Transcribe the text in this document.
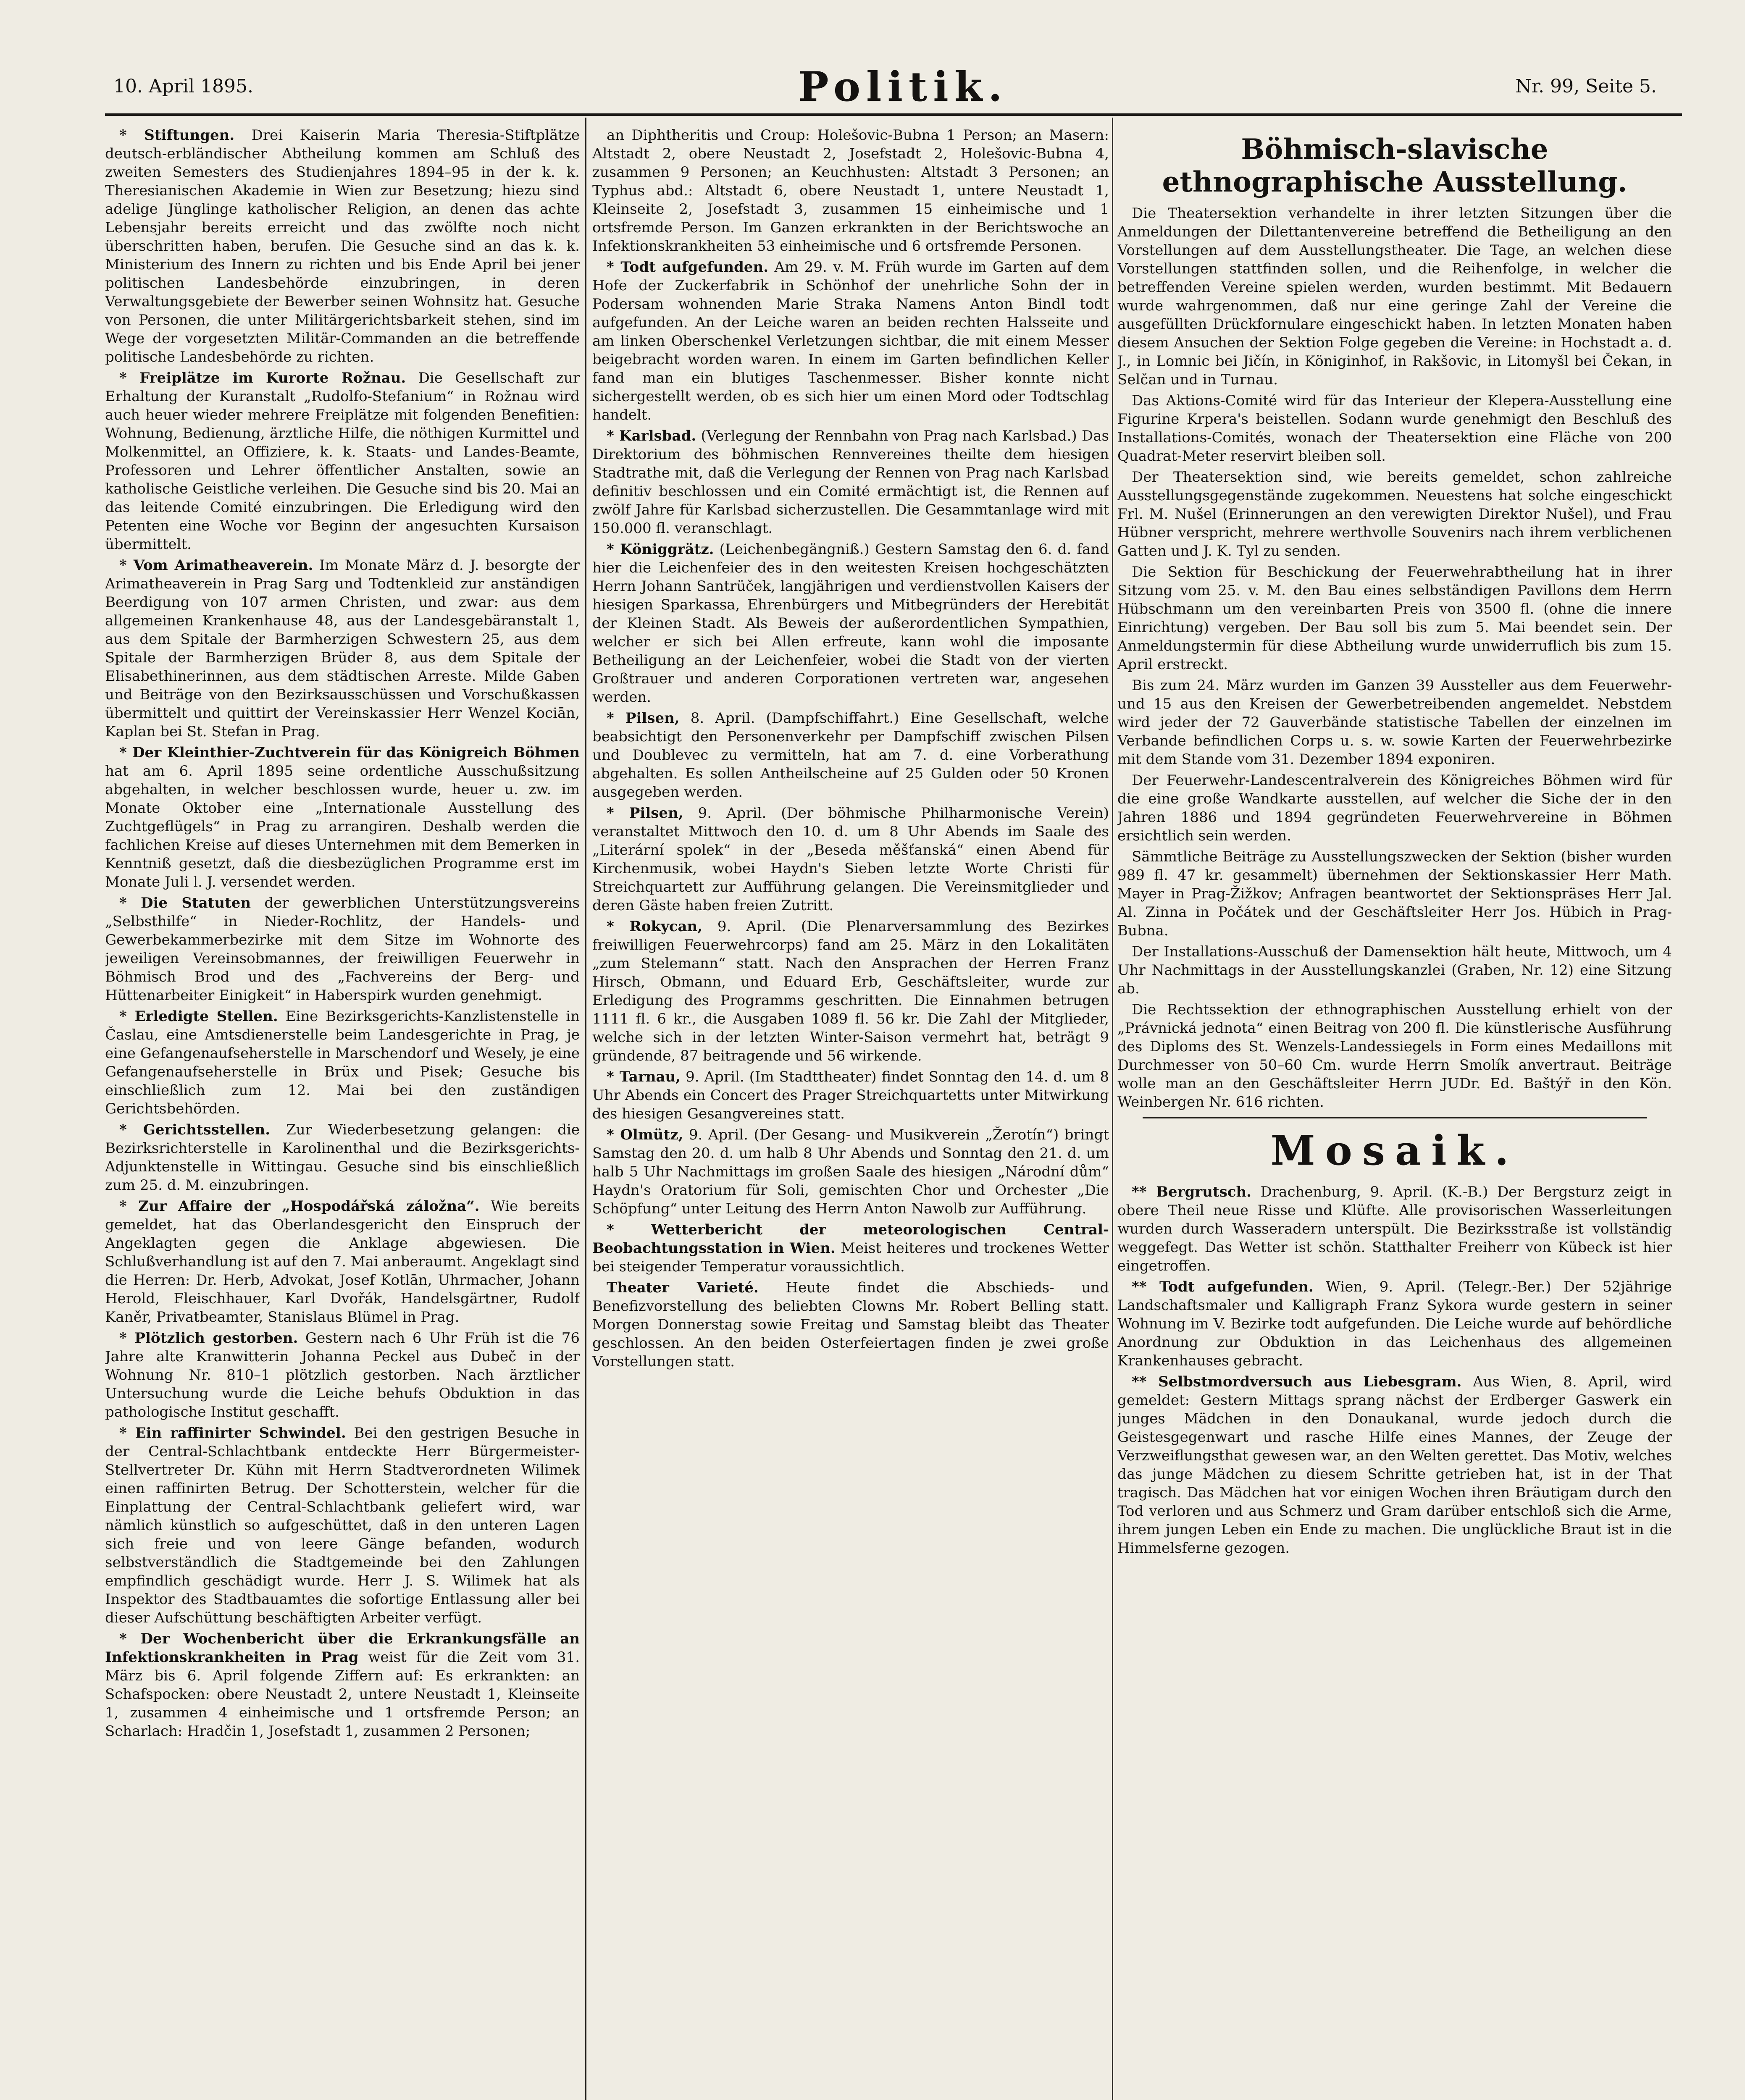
10. April 1895.	Politik.	Nr. 99, Seite 5.

* Stiftungen. Drei Kaiserin Maria Theresia-Stiftplätze deutsch-erbländischer Abtheilung kommen am Schluß des zweiten Semesters des Studienjahres 1894–95 in der k. k. Theresianischen Akademie in Wien zur Besetzung; hiezu sind adelige Jünglinge katholischer Religion, an denen das achte Lebensjahr bereits erreicht und das zwölfte noch nicht überschritten haben, berufen. Die Gesuche sind an das k. k. Ministerium des Innern zu richten und bis Ende April bei jener politischen Landesbehörde einzubringen, in deren Verwaltungsgebiete der Bewerber seinen Wohnsitz hat. Gesuche von Personen, die unter Militärgerichtsbarkeit stehen, sind im Wege der vorgesetzten Militär-Commanden an die betreffende politische Landesbehörde zu richten.

* Freiplätze im Kurorte Rožnau. Die Gesellschaft zur Erhaltung der Kuranstalt „Rudolfo-Stefanium“ in Rožnau wird auch heuer wieder mehrere Freiplätze mit folgenden Benefitien: Wohnung, Bedienung, ärztliche Hilfe, die nöthigen Kurmittel und Molkenmittel, an Offiziere, k. k. Staats- und Landes-Beamte, Professoren und Lehrer öffentlicher Anstalten, sowie an katholische Geistliche verleihen. Die Gesuche sind bis 20. Mai an das leitende Comité einzubringen. Die Erledigung wird den Petenten eine Woche vor Beginn der angesuchten Kursaison übermittelt.

* Vom Arimatheaverein. Im Monate März d. J. besorgte der Arimatheaverein in Prag Sarg und Todtenkleid zur anständigen Beerdigung von 107 armen Christen, und zwar: aus dem allgemeinen Krankenhause 48, aus der Landesgebäranstalt 1, aus dem Spitale der Barmherzigen Schwestern 25, aus dem Spitale der Barmherzigen Brüder 8, aus dem Spitale der Elisabethinerinnen, aus dem städtischen Arreste. Milde Gaben und Beiträge von den Bezirksausschüssen und Vorschußkassen übermittelt und quittirt der Vereinskassier Herr Wenzel Kociān, Kaplan bei St. Stefan in Prag.

* Der Kleinthier-Zuchtverein für das Königreich Böhmen hat am 6. April 1895 seine ordentliche Ausschußsitzung abgehalten, in welcher beschlossen wurde, heuer u. zw. im Monate Oktober eine „Internationale Ausstellung des Zuchtgeflügels“ in Prag zu arrangiren. Deshalb werden die fachlichen Kreise auf dieses Unternehmen mit dem Bemerken in Kenntniß gesetzt, daß die diesbezüglichen Programme erst im Monate Juli l. J. versendet werden.

* Die Statuten der gewerblichen Unterstützungsvereins „Selbsthilfe“ in Nieder-Rochlitz, der Handels- und Gewerbekammerbezirke mit dem Sitze im Wohnorte des jeweiligen Vereinsobmannes, der freiwilligen Feuerwehr in Böhmisch Brod und des „Fachvereins der Berg- und Hüttenarbeiter Einigkeit“ in Haberspirk wurden genehmigt.

* Erledigte Stellen. Eine Bezirksgerichts-Kanzlistenstelle in Časlau, eine Amtsdienerstelle beim Landesgerichte in Prag, je eine Gefangenaufseherstelle in Marschendorf und Wesely, je eine Gefangenaufseherstelle in Brüx und Pisek; Gesuche bis einschließlich zum 12. Mai bei den zuständigen Gerichtsbehörden.

* Gerichtsstellen. Zur Wiederbesetzung gelangen: die Bezirksrichterstelle in Karolinenthal und die Bezirksgerichts-Adjunktenstelle in Wittingau. Gesuche sind bis einschließlich zum 25. d. M. einzubringen.

* Zur Affaire der „Hospodářská záložna“. Wie bereits gemeldet, hat das Oberlandesgericht den Einspruch der Angeklagten gegen die Anklage abgewiesen. Die Schlußverhandlung ist auf den 7. Mai anberaumt. Angeklagt sind die Herren: Dr. Herb, Advokat, Josef Kotlān, Uhrmacher, Johann Herold, Fleischhauer, Karl Dvořák, Handelsgärtner, Rudolf Kaněr, Privatbeamter, Stanislaus Blümel in Prag.

* Plötzlich gestorben. Gestern nach 6 Uhr Früh ist die 76 Jahre alte Kranwitterin Johanna Peckel aus Dubeč in der Wohnung Nr. 810–1 plötzlich gestorben. Nach ärztlicher Untersuchung wurde die Leiche behufs Obduktion in das pathologische Institut geschafft.

* Ein raffinirter Schwindel. Bei den gestrigen Besuche in der Central-Schlachtbank entdeckte Herr Bürgermeister-Stellvertreter Dr. Kühn mit Herrn Stadtverordneten Wilimek einen raffinirten Betrug. Der Schotterstein, welcher für die Einplattung der Central-Schlachtbank geliefert wird, war nämlich künstlich so aufgeschüttet, daß in den unteren Lagen sich freie und von leere Gänge befanden, wodurch selbstverständlich die Stadtgemeinde bei den Zahlungen empfindlich geschädigt wurde. Herr J. S. Wilimek hat als Inspektor des Stadtbauamtes die sofortige Entlassung aller bei dieser Aufschüttung beschäftigten Arbeiter verfügt.

* Der Wochenbericht über die Erkrankungsfälle an Infektionskrankheiten in Prag weist für die Zeit vom 31. März bis 6. April folgende Ziffern auf: Es erkrankten: an Schafspocken: obere Neustadt 2, untere Neustadt 1, Kleinseite 1, zusammen 4 einheimische und 1 ortsfremde Person; an Scharlach: Hradčin 1, Josefstadt 1, zusammen 2 Personen;

an Diphtheritis und Croup: Holešovic-Bubna 1 Person; an Masern: Altstadt 2, obere Neustadt 2, Josefstadt 2, Holešovic-Bubna 4, zusammen 9 Personen; an Keuchhusten: Altstadt 3 Personen; an Typhus abd.: Altstadt 6, obere Neustadt 1, untere Neustadt 1, Kleinseite 2, Josefstadt 3, zusammen 15 einheimische und 1 ortsfremde Person. Im Ganzen erkrankten in der Berichtswoche an Infektionskrankheiten 53 einheimische und 6 ortsfremde Personen.

* Todt aufgefunden. Am 29. v. M. Früh wurde im Garten auf dem Hofe der Zuckerfabrik in Schönhof der unehrliche Sohn der in Podersam wohnenden Marie Straka Namens Anton Bindl todt aufgefunden. An der Leiche waren an beiden rechten Halsseite und am linken Oberschenkel Verletzungen sichtbar, die mit einem Messer beigebracht worden waren. In einem im Garten befindlichen Keller fand man ein blutiges Taschenmesser. Bisher konnte nicht sichergestellt werden, ob es sich hier um einen Mord oder Todtschlag handelt.

* Karlsbad. (Verlegung der Rennbahn von Prag nach Karlsbad.) Das Direktorium des böhmischen Rennvereines theilte dem hiesigen Stadtrathe mit, daß die Verlegung der Rennen von Prag nach Karlsbad definitiv beschlossen und ein Comité ermächtigt ist, die Rennen auf zwölf Jahre für Karlsbad sicherzustellen. Die Gesammtanlage wird mit 150.000 fl. veranschlagt.

* Königgrätz. (Leichenbegängniß.) Gestern Samstag den 6. d. fand hier die Leichenfeier des in den weitesten Kreisen hochgeschätzten Herrn Johann Santrüček, langjährigen und verdienstvollen Kaisers der hiesigen Sparkassa, Ehrenbürgers und Mitbegründers der Herebität der Kleinen Stadt. Als Beweis der außerordentlichen Sympathien, welcher er sich bei Allen erfreute, kann wohl die imposante Betheiligung an der Leichenfeier, wobei die Stadt von der vierten Großtrauer und anderen Corporationen vertreten war, angesehen werden.

* Pilsen, 8. April. (Dampfschiffahrt.) Eine Gesellschaft, welche beabsichtigt den Personenverkehr per Dampfschiff zwischen Pilsen und Doublevec zu vermitteln, hat am 7. d. eine Vorberathung abgehalten. Es sollen Antheilscheine auf 25 Gulden oder 50 Kronen ausgegeben werden.

* Pilsen, 9. April. (Der böhmische Philharmonische Verein) veranstaltet Mittwoch den 10. d. um 8 Uhr Abends im Saale des „Literární spolek“ in der „Beseda měšťanská“ einen Abend für Kirchenmusik, wobei Haydn's Sieben letzte Worte Christi für Streichquartett zur Aufführung gelangen. Die Vereinsmitglieder und deren Gäste haben freien Zutritt.

* Rokycan, 9. April. (Die Plenarversammlung des Bezirkes freiwilligen Feuerwehrcorps) fand am 25. März in den Lokalitäten „zum Stelemann“ statt. Nach den Ansprachen der Herren Franz Hirsch, Obmann, und Eduard Erb, Geschäftsleiter, wurde zur Erledigung des Programms geschritten. Die Einnahmen betrugen 1111 fl. 6 kr., die Ausgaben 1089 fl. 56 kr. Die Zahl der Mitglieder, welche sich in der letzten Winter-Saison vermehrt hat, beträgt 9 gründende, 87 beitragende und 56 wirkende.

* Tarnau, 9. April. (Im Stadttheater) findet Sonntag den 14. d. um 8 Uhr Abends ein Concert des Prager Streichquartetts unter Mitwirkung des hiesigen Gesangvereines statt.

* Olmütz, 9. April. (Der Gesang- und Musikverein „Žerotín“) bringt Samstag den 20. d. um halb 8 Uhr Abends und Sonntag den 21. d. um halb 5 Uhr Nachmittags im großen Saale des hiesigen „Národní dům“ Haydn's Oratorium für Soli, gemischten Chor und Orchester „Die Schöpfung“ unter Leitung des Herrn Anton Nawolb zur Aufführung.

* Wetterbericht der meteorologischen Central-Beobachtungsstation in Wien. Meist heiteres und trockenes Wetter bei steigender Temperatur voraussichtlich.

Theater Varieté. Heute findet die Abschieds- und Benefizvorstellung des beliebten Clowns Mr. Robert Belling statt. Morgen Donnerstag sowie Freitag und Samstag bleibt das Theater geschlossen. An den beiden Osterfeiertagen finden je zwei große Vorstellungen statt.

Böhmisch-slavische ethnographische Ausstellung.

Die Theatersektion verhandelte in ihrer letzten Sitzungen über die Anmeldungen der Dilettantenvereine betreffend die Betheiligung an den Vorstellungen auf dem Ausstellungstheater. Die Tage, an welchen diese Vorstellungen stattfinden sollen, und die Reihenfolge, in welcher die betreffenden Vereine spielen werden, wurden bestimmt. Mit Bedauern wurde wahrgenommen, daß nur eine geringe Zahl der Vereine die ausgefüllten Drückfornulare eingeschickt haben. In letzten Monaten haben diesem Ansuchen der Sektion Folge gegeben die Vereine: in Hochstadt a. d. J., in Lomnic bei Jičín, in Königinhof, in Rakšovic, in Litomyšl bei Čekan, in Selčan und in Turnau.

Das Aktions-Comité wird für das Interieur der Klepera-Ausstellung eine Figurine Krpera's beistellen. Sodann wurde genehmigt den Beschluß des Installations-Comités, wonach der Theatersektion eine Fläche von 200 Quadrat-Meter reservirt bleiben soll.

Der Theatersektion sind, wie bereits gemeldet, schon zahlreiche Ausstellungsgegenstände zugekommen. Neuestens hat solche eingeschickt Frl. M. Nušel (Erinnerungen an den verewigten Direktor Nušel), und Frau Hübner verspricht, mehrere werthvolle Souvenirs nach ihrem verblichenen Gatten und J. K. Tyl zu senden.

Die Sektion für Beschickung der Feuerwehrabtheilung hat in ihrer Sitzung vom 25. v. M. den Bau eines selbständigen Pavillons dem Herrn Hübschmann um den vereinbarten Preis von 3500 fl. (ohne die innere Einrichtung) vergeben. Der Bau soll bis zum 5. Mai beendet sein. Der Anmeldungstermin für diese Abtheilung wurde unwiderruflich bis zum 15. April erstreckt.

Bis zum 24. März wurden im Ganzen 39 Aussteller aus dem Feuerwehr- und 15 aus den Kreisen der Gewerbetreibenden angemeldet. Nebstdem wird jeder der 72 Gauverbände statistische Tabellen der einzelnen im Verbande befindlichen Corps u. s. w. sowie Karten der Feuerwehrbezirke mit dem Stande vom 31. Dezember 1894 exponiren.

Der Feuerwehr-Landescentralverein des Königreiches Böhmen wird für die eine große Wandkarte ausstellen, auf welcher die Siche der in den Jahren 1886 und 1894 gegründeten Feuerwehrvereine in Böhmen ersichtlich sein werden.

Sämmtliche Beiträge zu Ausstellungszwecken der Sektion (bisher wurden 989 fl. 47 kr. gesammelt) übernehmen der Sektionskassier Herr Math. Mayer in Prag-Žižkov; Anfragen beantwortet der Sektionspräses Herr Jal. Al. Zinna in Počátek und der Geschäftsleiter Herr Jos. Hübich in Prag-Bubna.

Der Installations-Ausschuß der Damensektion hält heute, Mittwoch, um 4 Uhr Nachmittags in der Ausstellungskanzlei (Graben, Nr. 12) eine Sitzung ab.

Die Rechtssektion der ethnographischen Ausstellung erhielt von der „Právnická jednota“ einen Beitrag von 200 fl. Die künstlerische Ausführung des Diploms des St. Wenzels-Landessiegels in Form eines Medaillons mit Durchmesser von 50–60 Cm. wurde Herrn Smolík anvertraut. Beiträge wolle man an den Geschäftsleiter Herrn JUDr. Ed. Baštýř in den Kön. Weinbergen Nr. 616 richten.

Mosaik.

** Bergrutsch. Drachenburg, 9. April. (K.-B.) Der Bergsturz zeigt in obere Theil neue Risse und Klüfte. Alle provisorischen Wasserleitungen wurden durch Wasseradern unterspült. Die Bezirksstraße ist vollständig weggefegt. Das Wetter ist schön. Statthalter Freiherr von Kübeck ist hier eingetroffen.

** Todt aufgefunden. Wien, 9. April. (Telegr.-Ber.) Der 52jährige Landschaftsmaler und Kalligraph Franz Sykora wurde gestern in seiner Wohnung im V. Bezirke todt aufgefunden. Die Leiche wurde auf behördliche Anordnung zur Obduktion in das Leichenhaus des allgemeinen Krankenhauses gebracht.

** Selbstmordversuch aus Liebesgram. Aus Wien, 8. April, wird gemeldet: Gestern Mittags sprang nächst der Erdberger Gaswerk ein junges Mädchen in den Donaukanal, wurde jedoch durch die Geistesgegenwart und rasche Hilfe eines Mannes, der Zeuge der Verzweiflungsthat gewesen war, an den Welten gerettet. Das Motiv, welches das junge Mädchen zu diesem Schritte getrieben hat, ist in der That tragisch. Das Mädchen hat vor einigen Wochen ihren Bräutigam durch den Tod verloren und aus Schmerz und Gram darüber entschloß sich die Arme, ihrem jungen Leben ein Ende zu machen. Die unglückliche Braut ist in die Himmelsferne gezogen.
